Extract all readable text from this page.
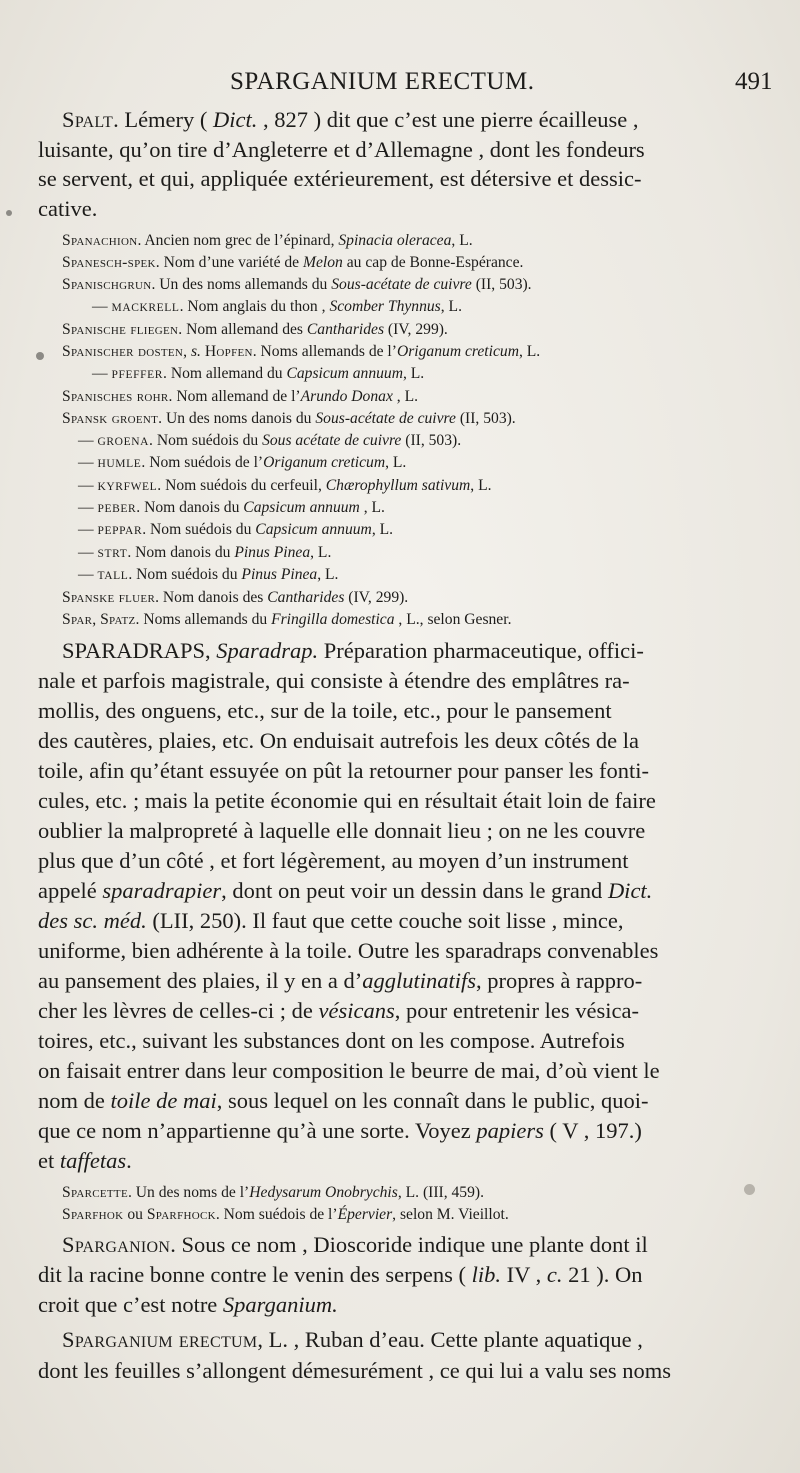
SPARGANIUM ERECTUM.	491
Spalt. Lémery ( Dict. , 827 ) dit que c’est une pierre écailleuse ,
luisante, qu’on tire d’Angleterre et d’Allemagne , dont les fondeurs
se servent, et qui, appliquée extérieurement, est détersive et dessic-
cative.
Spanachion. Ancien nom grec de l’épinard, Spinacia oleracea, L.
Spanesch-spek. Nom d’une variété de Melon au cap de Bonne-Espérance.
Spanischgrun. Un des noms allemands du Sous-acétate de cuivre (II, 503).
— MACKRELL. Nom anglais du thon , Scomber Thynnus, L.
Spanische fliegen. Nom allemand des Cantharides (IV, 299).
Spanischer dosten, s. Hopfen. Noms allemands de l’Origanum creticum, L.
— PFEFFER. Nom allemand du Capsicum annuum, L.
Spanisches rohr. Nom allemand de l’Arundo Donax , L.
Spansk groent. Un des noms danois du Sous-acétate de cuivre (II, 503).
— GROENA. Nom suédois du Sous acétate de cuivre (II, 503).
— HUMLE. Nom suédois de l’Origanum creticum, L.
— KYRFWEL. Nom suédois du cerfeuil, Chærophyllum sativum, L.
— PEBER. Nom danois du Capsicum annuum , L.
— PEPPAR. Nom suédois du Capsicum annuum, L.
— STRT. Nom danois du Pinus Pinea, L.
— TALL. Nom suédois du Pinus Pinea, L.
Spanske fluer. Nom danois des Cantharides (IV, 299).
Spar, Spatz. Noms allemands du Fringilla domestica , L., selon Gesner.
SPARADRAPS, Sparadrap. Préparation pharmaceutique, offici-
nale et parfois magistrale, qui consiste à étendre des emplâtres ra-
mollis, des onguens, etc., sur de la toile, etc., pour le pansement
des cautères, plaies, etc. On enduisait autrefois les deux côtés de la
toile, afin qu’étant essuyée on pût la retourner pour panser les fonti-
cules, etc. ; mais la petite économie qui en résultait était loin de faire
oublier la malpropreté à laquelle elle donnait lieu ; on ne les couvre
plus que d’un côté , et fort légèrement, au moyen d’un instrument
appelé sparadrapier, dont on peut voir un dessin dans le grand Dict.
des sc. méd. (LII, 250). Il faut que cette couche soit lisse , mince,
uniforme, bien adhérente à la toile. Outre les sparadraps convenables
au pansement des plaies, il y en a d’agglutinatifs, propres à rappro-
cher les lèvres de celles-ci ; de vésicans, pour entretenir les vésica-
toires, etc., suivant les substances dont on les compose. Autrefois
on faisait entrer dans leur composition le beurre de mai, d’où vient le
nom de toile de mai, sous lequel on les connaît dans le public, quoi-
que ce nom n’appartienne qu’à une sorte. Voyez papiers ( V , 197.)
et taffetas.
Sparcette. Un des noms de l’Hedysarum Onobrychis, L. (III, 459).
Sparfhok ou Sparfhock. Nom suédois de l’Épervier, selon M. Vieillot.
Sparganion. Sous ce nom , Dioscoride indique une plante dont il
dit la racine bonne contre le venin des serpens ( lib. IV , c. 21 ). On
croit que c’est notre Sparganium.
Sparganium erectum, L. , Ruban d’eau. Cette plante aquatique ,
dont les feuilles s’allongent démesurément , ce qui lui a valu ses noms
